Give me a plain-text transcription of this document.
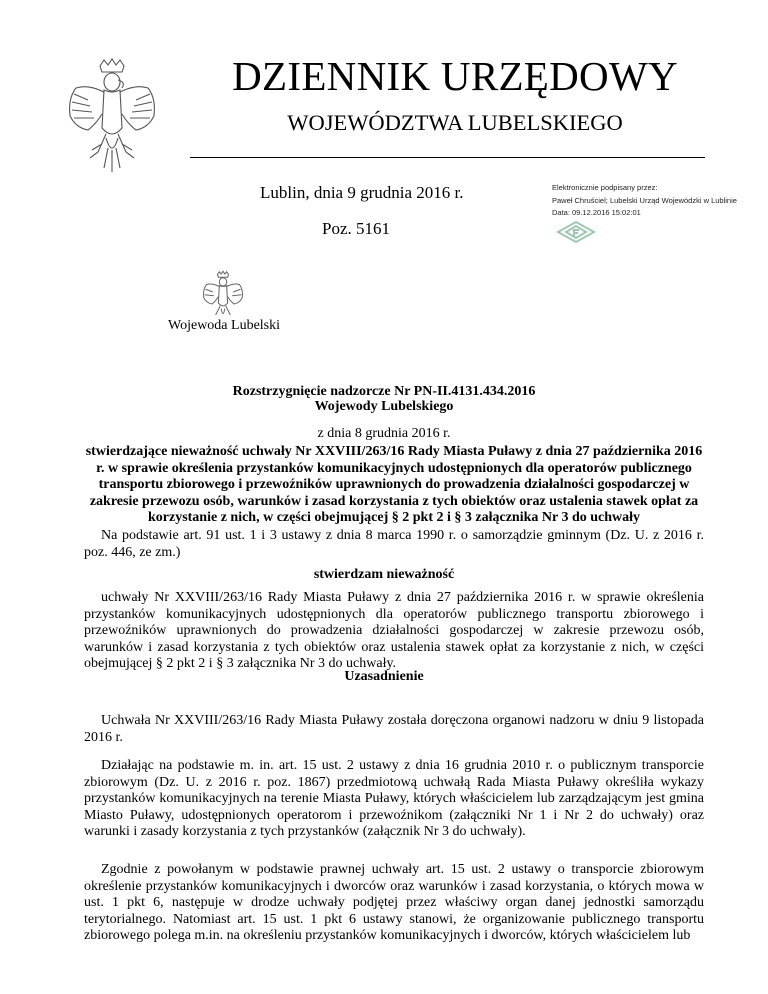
DZIENNIK URZĘDOWY
WOJEWÓDZTWA LUBELSKIEGO
Lublin, dnia 9 grudnia 2016 r.
Poz. 5161
Elektronicznie podpisany przez:
Paweł Chruściel; Lubelski Urząd Wojewódzki w Lublinie
Data: 09.12.2016 15:02:01
Wojewoda Lubelski
Rozstrzygnięcie nadzorcze Nr PN-II.4131.434.2016
Wojewody Lubelskiego
z dnia 8 grudnia 2016 r.
stwierdzające nieważność uchwały Nr XXVIII/263/16 Rady Miasta Puławy z dnia 27 października 2016 r. w sprawie określenia przystanków komunikacyjnych udostępnionych dla operatorów publicznego transportu zbiorowego i przewoźników uprawnionych do prowadzenia działalności gospodarczej w zakresie przewozu osób, warunków i zasad korzystania z tych obiektów oraz ustalenia stawek opłat za korzystanie z nich, w części obejmującej § 2 pkt 2 i § 3 załącznika Nr 3 do uchwały
Na podstawie art. 91 ust. 1 i 3 ustawy z dnia 8 marca 1990 r. o samorządzie gminnym (Dz. U. z 2016 r. poz. 446, ze zm.)
stwierdzam nieważność
uchwały Nr XXVIII/263/16 Rady Miasta Puławy z dnia 27 października 2016 r. w sprawie określenia przystanków komunikacyjnych udostępnionych dla operatorów publicznego transportu zbiorowego i przewoźników uprawnionych do prowadzenia działalności gospodarczej w zakresie przewozu osób, warunków i zasad korzystania z tych obiektów oraz ustalenia stawek opłat za korzystanie z nich, w części obejmującej § 2 pkt 2 i § 3 załącznika Nr 3 do uchwały.
Uzasadnienie
Uchwała Nr XXVIII/263/16 Rady Miasta Puławy została doręczona organowi nadzoru w dniu 9 listopada 2016 r.
Działając na podstawie m. in. art. 15 ust. 2 ustawy z dnia 16 grudnia 2010 r. o publicznym transporcie zbiorowym (Dz. U. z 2016 r. poz. 1867) przedmiotową uchwałą Rada Miasta Puławy określiła wykazy przystanków komunikacyjnych na terenie Miasta Puławy, których właścicielem lub zarządzającym jest gmina Miasto Puławy, udostępnionych operatorom i przewoźnikom (załączniki Nr 1 i Nr 2 do uchwały) oraz warunki i zasady korzystania z tych przystanków (załącznik Nr 3 do uchwały).
Zgodnie z powołanym w podstawie prawnej uchwały art. 15 ust. 2 ustawy o transporcie zbiorowym określenie przystanków komunikacyjnych i dworców oraz warunków i zasad korzystania, o których mowa w ust. 1 pkt 6, następuje w drodze uchwały podjętej przez właściwy organ danej jednostki samorządu terytorialnego. Natomiast art. 15 ust. 1 pkt 6 ustawy stanowi, że organizowanie publicznego transportu zbiorowego polega m.in. na określeniu przystanków komunikacyjnych i dworców, których właścicielem lub
